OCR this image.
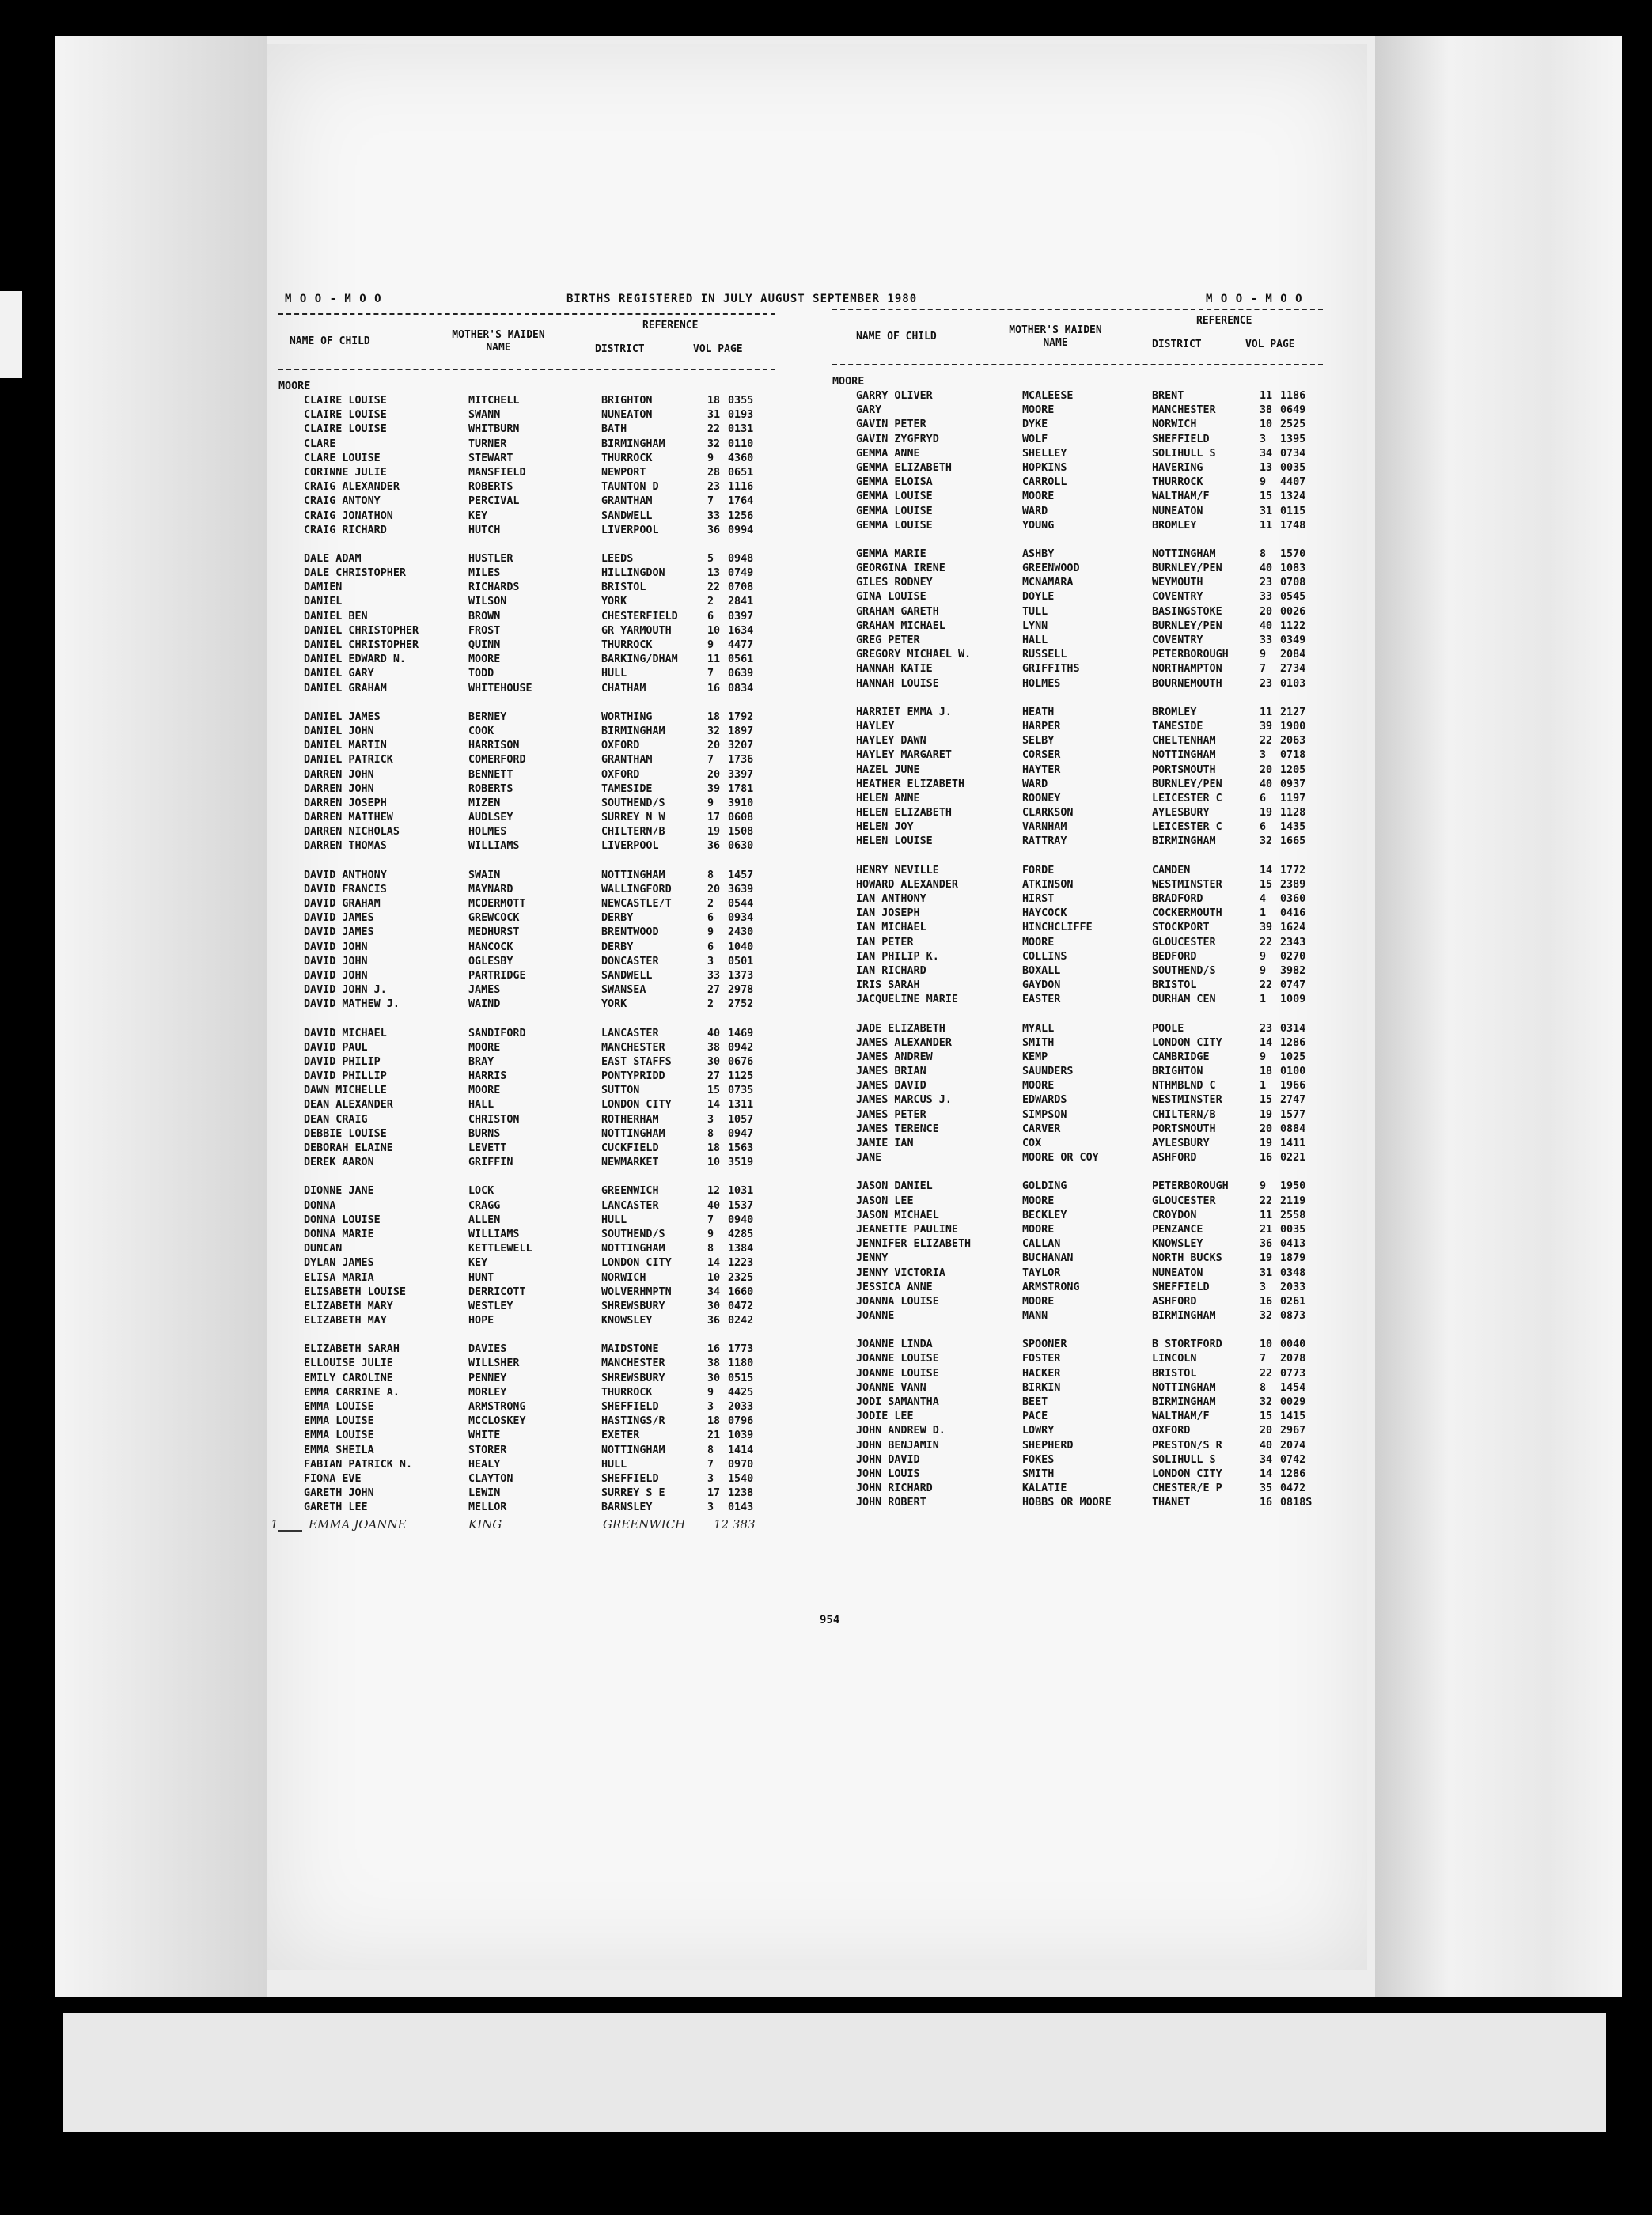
M O O - M O O	BIRTHS REGISTERED IN JULY AUGUST SEPTEMBER 1980	M O O - M O O
NAME OF CHILD
MOTHER'S MAIDEN NAME
REFERENCE
DISTRICT	VOL PAGE
NAME OF CHILD
MOTHER'S MAIDEN NAME
REFERENCE
DISTRICT	VOL PAGE
MOORE
CLAIRE LOUISE	MITCHELL	BRIGHTON	18 0355
CLAIRE LOUISE	SWANN	NUNEATON	31 0193
CLAIRE LOUISE	WHITBURN	BATH	22 0131
CLARE	TURNER	BIRMINGHAM	32 0110
CLARE LOUISE	STEWART	THURROCK	9 4360
CORINNE JULIE	MANSFIELD	NEWPORT	28 0651
CRAIG ALEXANDER	ROBERTS	TAUNTON D	23 1116
CRAIG ANTONY	PERCIVAL	GRANTHAM	7 1764
CRAIG JONATHON	KEY	SANDWELL	33 1256
CRAIG RICHARD	HUTCH	LIVERPOOL	36 0994
DALE ADAM	HUSTLER	LEEDS	5 0948
DALE CHRISTOPHER	MILES	HILLINGDON	13 0749
DAMIEN	RICHARDS	BRISTOL	22 0708
DANIEL	WILSON	YORK	2 2841
DANIEL BEN	BROWN	CHESTERFIELD	6 0397
DANIEL CHRISTOPHER	FROST	GR YARMOUTH	10 1634
DANIEL CHRISTOPHER	QUINN	THURROCK	9 4477
DANIEL EDWARD N.	MOORE	BARKING/DHAM	11 0561
DANIEL GARY	TODD	HULL	7 0639
DANIEL GRAHAM	WHITEHOUSE	CHATHAM	16 0834
DANIEL JAMES	BERNEY	WORTHING	18 1792
DANIEL JOHN	COOK	BIRMINGHAM	32 1897
DANIEL MARTIN	HARRISON	OXFORD	20 3207
DANIEL PATRICK	COMERFORD	GRANTHAM	7 1736
DARREN JOHN	BENNETT	OXFORD	20 3397
DARREN JOHN	ROBERTS	TAMESIDE	39 1781
DARREN JOSEPH	MIZEN	SOUTHEND/S	9 3910
DARREN MATTHEW	AUDLSEY	SURREY N W	17 0608
DARREN NICHOLAS	HOLMES	CHILTERN/B	19 1508
DARREN THOMAS	WILLIAMS	LIVERPOOL	36 0630
DAVID ANTHONY	SWAIN	NOTTINGHAM	8 1457
DAVID FRANCIS	MAYNARD	WALLINGFORD	20 3639
DAVID GRAHAM	MCDERMOTT	NEWCASTLE/T	2 0544
DAVID JAMES	GREWCOCK	DERBY	6 0934
DAVID JAMES	MEDHURST	BRENTWOOD	9 2430
DAVID JOHN	HANCOCK	DERBY	6 1040
DAVID JOHN	OGLESBY	DONCASTER	3 0501
DAVID JOHN	PARTRIDGE	SANDWELL	33 1373
DAVID JOHN J.	JAMES	SWANSEA	27 2978
DAVID MATHEW J.	WAIND	YORK	2 2752
DAVID MICHAEL	SANDIFORD	LANCASTER	40 1469
DAVID PAUL	MOORE	MANCHESTER	38 0942
DAVID PHILIP	BRAY	EAST STAFFS	30 0676
DAVID PHILLIP	HARRIS	PONTYPRIDD	27 1125
DAWN MICHELLE	MOORE	SUTTON	15 0735
DEAN ALEXANDER	HALL	LONDON CITY	14 1311
DEAN CRAIG	CHRISTON	ROTHERHAM	3 1057
DEBBIE LOUISE	BURNS	NOTTINGHAM	8 0947
DEBORAH ELAINE	LEVETT	CUCKFIELD	18 1563
DEREK AARON	GRIFFIN	NEWMARKET	10 3519
DIONNE JANE	LOCK	GREENWICH	12 1031
DONNA	CRAGG	LANCASTER	40 1537
DONNA LOUISE	ALLEN	HULL	7 0940
DONNA MARIE	WILLIAMS	SOUTHEND/S	9 4285
DUNCAN	KETTLEWELL	NOTTINGHAM	8 1384
DYLAN JAMES	KEY	LONDON CITY	14 1223
ELISA MARIA	HUNT	NORWICH	10 2325
ELISABETH LOUISE	DERRICOTT	WOLVERHMPTN	34 1660
ELIZABETH MARY	WESTLEY	SHREWSBURY	30 0472
ELIZABETH MAY	HOPE	KNOWSLEY	36 0242
ELIZABETH SARAH	DAVIES	MAIDSTONE	16 1773
ELLOUISE JULIE	WILLSHER	MANCHESTER	38 1180
EMILY CAROLINE	PENNEY	SHREWSBURY	30 0515
EMMA CARRINE A.	MORLEY	THURROCK	9 4425
EMMA LOUISE	ARMSTRONG	SHEFFIELD	3 2033
EMMA LOUISE	MCCLOSKEY	HASTINGS/R	18 0796
EMMA LOUISE	WHITE	EXETER	21 1039
EMMA SHEILA	STORER	NOTTINGHAM	8 1414
FABIAN PATRICK N.	HEALY	HULL	7 0970
FIONA EVE	CLAYTON	SHEFFIELD	3 1540
GARETH JOHN	LEWIN	SURREY S E	17 1238
GARETH LEE	MELLOR	BARNSLEY	3 0143
MOORE
GARRY OLIVER	MCALEESE	BRENT	11 1186
GARY	MOORE	MANCHESTER	38 0649
GAVIN PETER	DYKE	NORWICH	10 2525
GAVIN ZYGFRYD	WOLF	SHEFFIELD	3 1395
GEMMA ANNE	SHELLEY	SOLIHULL S	34 0734
GEMMA ELIZABETH	HOPKINS	HAVERING	13 0035
GEMMA ELOISA	CARROLL	THURROCK	9 4407
GEMMA LOUISE	MOORE	WALTHAM/F	15 1324
GEMMA LOUISE	WARD	NUNEATON	31 0115
GEMMA LOUISE	YOUNG	BROMLEY	11 1748
GEMMA MARIE	ASHBY	NOTTINGHAM	8 1570
GEORGINA IRENE	GREENWOOD	BURNLEY/PEN	40 1083
GILES RODNEY	MCNAMARA	WEYMOUTH	23 0708
GINA LOUISE	DOYLE	COVENTRY	33 0545
GRAHAM GARETH	TULL	BASINGSTOKE	20 0026
GRAHAM MICHAEL	LYNN	BURNLEY/PEN	40 1122
GREG PETER	HALL	COVENTRY	33 0349
GREGORY MICHAEL W.	RUSSELL	PETERBOROUGH	9 2084
HANNAH KATIE	GRIFFITHS	NORTHAMPTON	7 2734
HANNAH LOUISE	HOLMES	BOURNEMOUTH	23 0103
HARRIET EMMA J.	HEATH	BROMLEY	11 2127
HAYLEY	HARPER	TAMESIDE	39 1900
HAYLEY DAWN	SELBY	CHELTENHAM	22 2063
HAYLEY MARGARET	CORSER	NOTTINGHAM	3 0718
HAZEL JUNE	HAYTER	PORTSMOUTH	20 1205
HEATHER ELIZABETH	WARD	BURNLEY/PEN	40 0937
HELEN ANNE	ROONEY	LEICESTER C	6 1197
HELEN ELIZABETH	CLARKSON	AYLESBURY	19 1128
HELEN JOY	VARNHAM	LEICESTER C	6 1435
HELEN LOUISE	RATTRAY	BIRMINGHAM	32 1665
HENRY NEVILLE	FORDE	CAMDEN	14 1772
HOWARD ALEXANDER	ATKINSON	WESTMINSTER	15 2389
IAN ANTHONY	HIRST	BRADFORD	4 0360
IAN JOSEPH	HAYCOCK	COCKERMOUTH	1 0416
IAN MICHAEL	HINCHCLIFFE	STOCKPORT	39 1624
IAN PETER	MOORE	GLOUCESTER	22 2343
IAN PHILIP K.	COLLINS	BEDFORD	9 0270
IAN RICHARD	BOXALL	SOUTHEND/S	9 3982
IRIS SARAH	GAYDON	BRISTOL	22 0747
JACQUELINE MARIE	EASTER	DURHAM CEN	1 1009
JADE ELIZABETH	MYALL	POOLE	23 0314
JAMES ALEXANDER	SMITH	LONDON CITY	14 1286
JAMES ANDREW	KEMP	CAMBRIDGE	9 1025
JAMES BRIAN	SAUNDERS	BRIGHTON	18 0100
JAMES DAVID	MOORE	NTHMBLND C	1 1966
JAMES MARCUS J.	EDWARDS	WESTMINSTER	15 2747
JAMES PETER	SIMPSON	CHILTERN/B	19 1577
JAMES TERENCE	CARVER	PORTSMOUTH	20 0884
JAMIE IAN	COX	AYLESBURY	19 1411
JANE	MOORE OR COY	ASHFORD	16 0221
JASON DANIEL	GOLDING	PETERBOROUGH	9 1950
JASON LEE	MOORE	GLOUCESTER	22 2119
JASON MICHAEL	BECKLEY	CROYDON	11 2558
JEANETTE PAULINE	MOORE	PENZANCE	21 0035
JENNIFER ELIZABETH	CALLAN	KNOWSLEY	36 0413
JENNY	BUCHANAN	NORTH BUCKS	19 1879
JENNY VICTORIA	TAYLOR	NUNEATON	31 0348
JESSICA ANNE	ARMSTRONG	SHEFFIELD	3 2033
JOANNA LOUISE	MOORE	ASHFORD	16 0261
JOANNE	MANN	BIRMINGHAM	32 0873
JOANNE LINDA	SPOONER	B STORTFORD	10 0040
JOANNE LOUISE	FOSTER	LINCOLN	7 2078
JOANNE LOUISE	HACKER	BRISTOL	22 0773
JOANNE VANN	BIRKIN	NOTTINGHAM	8 1454
JODI SAMANTHA	BEET	BIRMINGHAM	32 0029
JODIE LEE	PACE	WALTHAM/F	15 1415
JOHN ANDREW D.	LOWRY	OXFORD	20 2967
JOHN BENJAMIN	SHEPHERD	PRESTON/S R	40 2074
JOHN DAVID	FOKES	SOLIHULL S	34 0742
JOHN LOUIS	SMITH	LONDON CITY	14 1286
JOHN RICHARD	KALATIE	CHESTER/E P	35 0472
JOHN ROBERT	HOBBS OR MOORE	THANET	16 0818S
1	EMMA JOANNE	KING	GREENWICH 12 383
954
